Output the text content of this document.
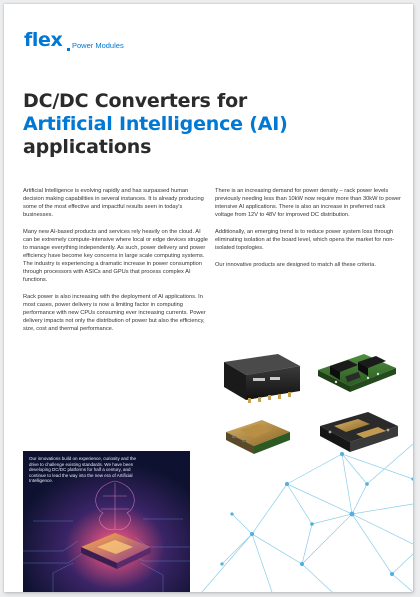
flex Power Modules
DC/DC Converters for
Artificial Intelligence (AI)
applications

Artificial Intelligence is evolving rapidly and has surpassed human decision making capabilities in several instances. It is already producing some of the most effective and impactful results seen in today's businesses.

Many new AI-based products and services rely heavily on the cloud. AI can be extremely compute-intensive where local or edge devices struggle to manage everything independently. As such, power delivery and power efficiency have become key concerns in large scale computing systems. The industry is experiencing a dramatic increase in power consumption through processors with ASICs and GPUs that process complex AI functions.

Rack power is also increasing with the deployment of AI applications. In most cases, power delivery is now a limiting factor in computing performance with new CPUs consuming ever increasing currents. Power delivery impacts not only the distribution of power but also the efficiency, size, cost and thermal performance.

There is an increasing demand for power density – rack power levels previously needing less than 10kW now require more than 30kW to power intensive AI applications. There is also an increase in preferred rack voltage from 12V to 48V for improved DC distribution.

Additionally, an emerging trend is to reduce power system loss through eliminating isolation at the board level, which opens the market for non-isolated topologies.

Our innovative products are designed to match all these criteria.

Our innovations build on experience, curiosity and the drive to challenge existing standards. We have been developing DC/DC platforms for half a century, and continue to lead the way into the new era of Artificial Intelligence.
